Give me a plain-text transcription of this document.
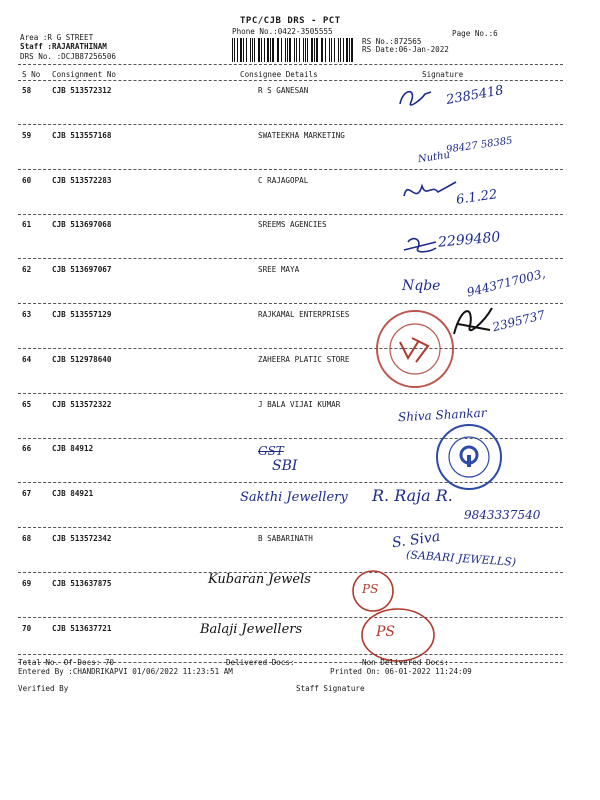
TPC/CJB DRS - PCT
Phone No.:0422-3505555	Page No.:6
Area :R G STREET
Staff :RAJARATHINAM
DRS No. :DCJB87256506
RS No.:872565
RS Date:06-Jan-2022
S No Consignment No	Consignee Details	Signature
58	CJB 513572312	R S GANESAN
59	CJB 513557168	SWATEEKHA MARKETING
60	CJB 513572283	C RAJAGOPAL
61	CJB 513697068	SREEMS AGENCIES
62	CJB 513697067	SREE MAYA
63	CJB 513557129	RAJKAMAL ENTERPRISES
64	CJB 512978640	ZAHEERA PLATIC STORE
65	CJB 513572322	J BALA VIJAI KUMAR
66	CJB 84912
67	CJB 84921
68	CJB 513572342	B SABARINATH
69	CJB 513637875
70	CJB 513637721
2385418
Nuthu
98427 58385
6.1.22
2299480
Nqbe 9443717003,
2395737
Shiva Shankar
GST
SBI
Sakthi Jewellery R. Raja R.
9843337540
S. Siva
(SABARI JEWELLS)
Kubaran Jewels
PS
Balaji Jewellers	PS
Total No. Of Docs: 70	Delivered Docs:	Non Delivered Docs:
Entered By :CHANDRIKAPVI 01/06/2022 11:23:51 AM	Printed On: 06-01-2022 11:24:09
Verified By	Staff Signature
